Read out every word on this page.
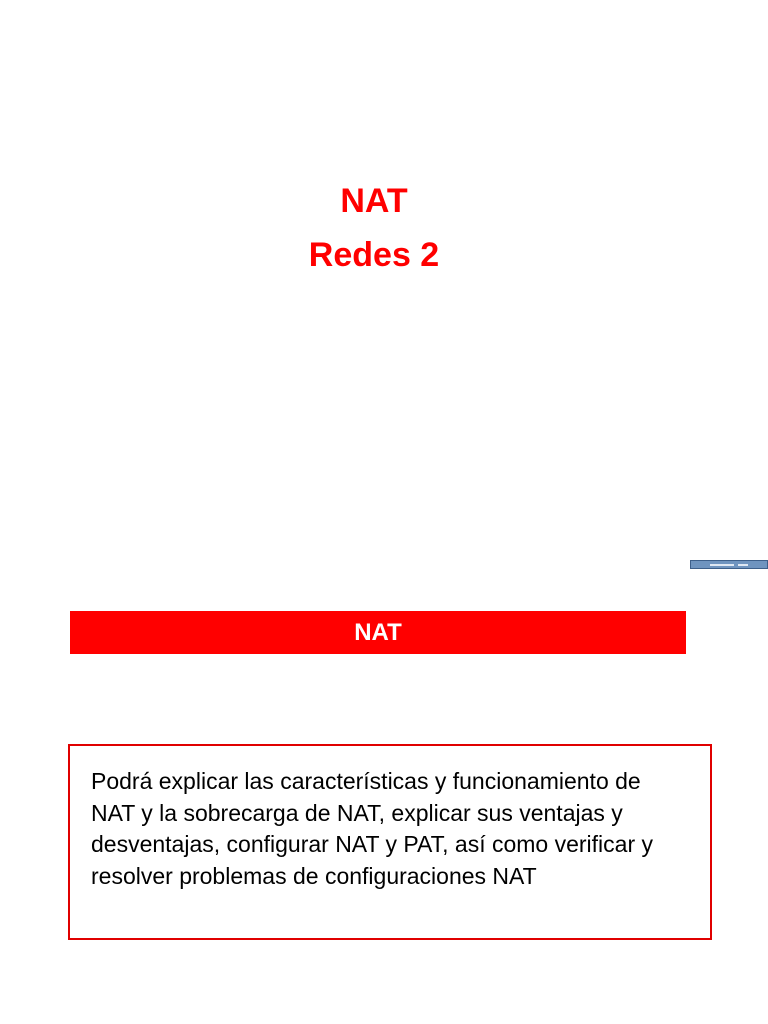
NAT
Redes 2
NAT

Podrá explicar las características y funcionamiento de NAT y la sobrecarga de NAT, explicar sus ventajas y desventajas, configurar NAT y PAT, así como verificar y resolver problemas de configuraciones NAT
